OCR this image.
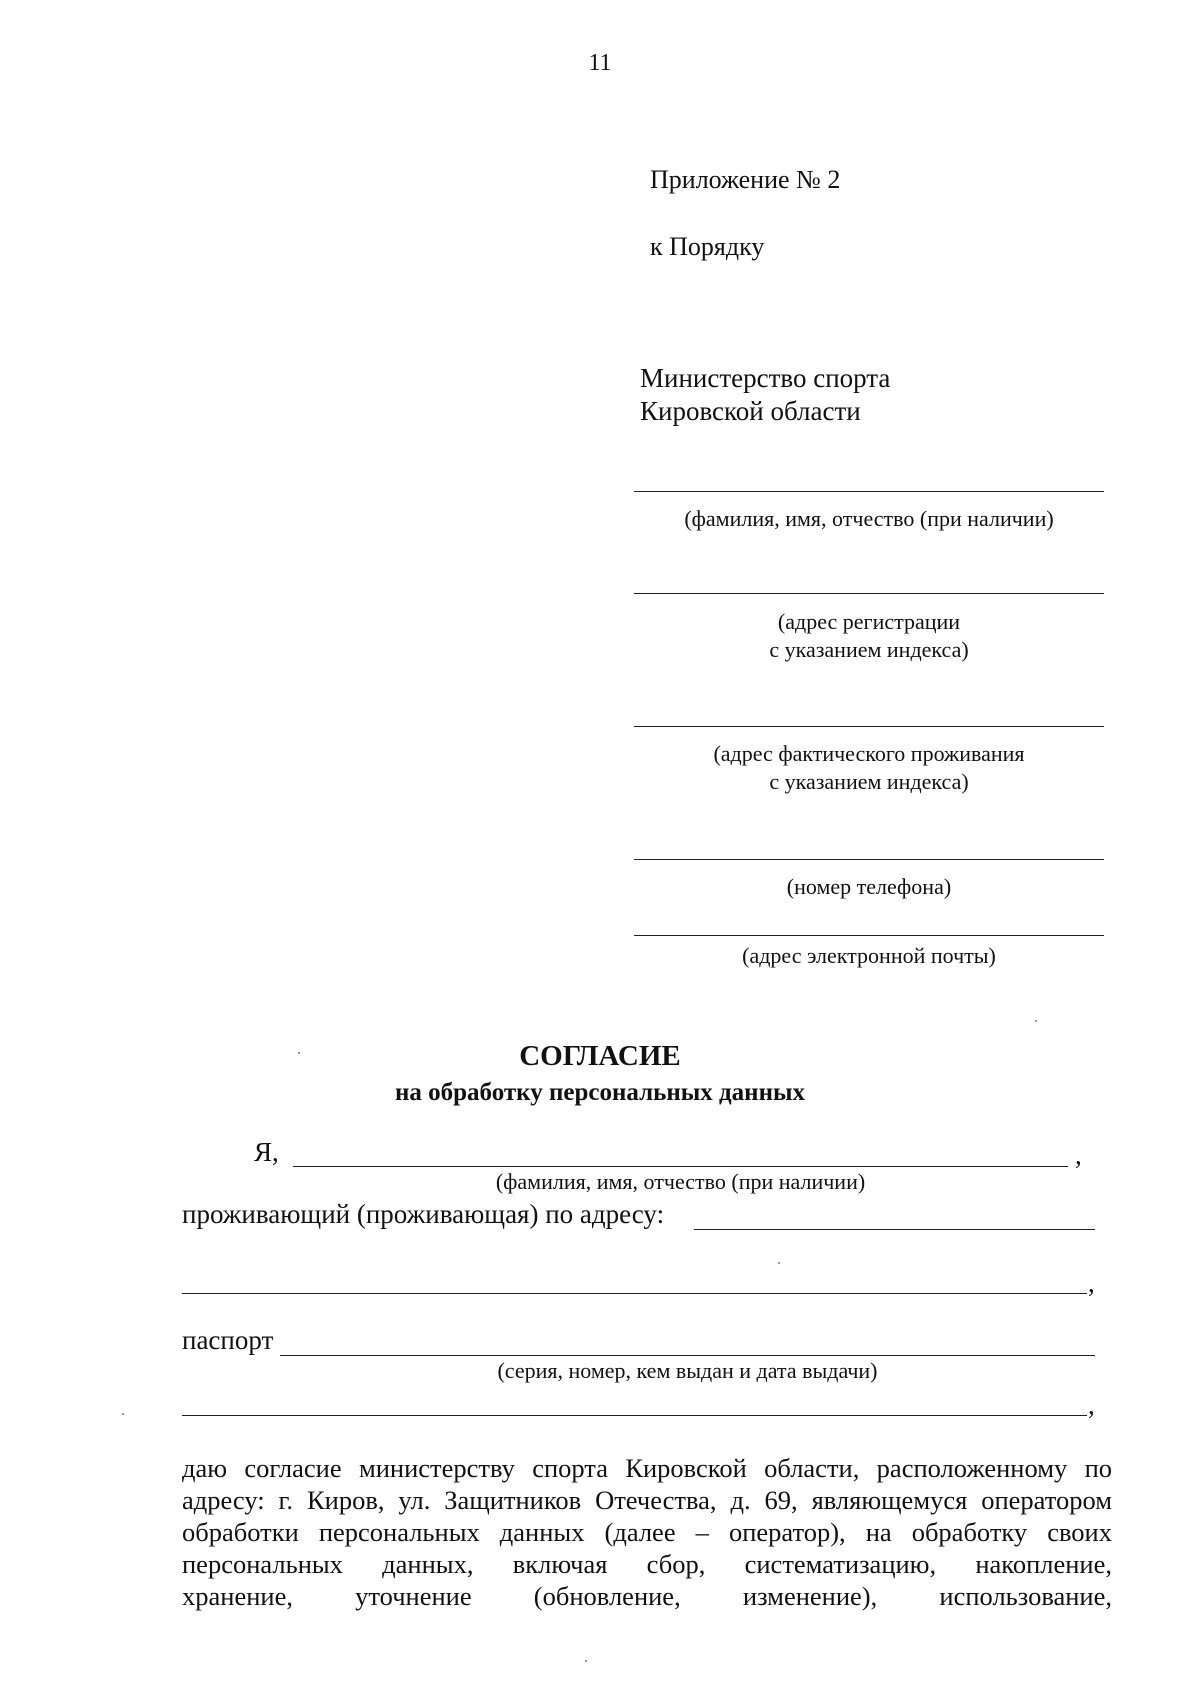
11
Приложение № 2
к Порядку
Министерство спорта
Кировской области
(фамилия, имя, отчество (при наличии)
(адрес регистрации
с указанием индекса)
(адрес фактического проживания
с указанием индекса)
(номер телефона)
(адрес электронной почты)
СОГЛАСИЕ
на обработку персональных данных
Я,	,
(фамилия, имя, отчество (при наличии)
проживающий (проживающая) по адресу:
,
паспорт
(серия, номер, кем выдан и дата выдачи)
,
даю согласие министерству спорта Кировской области, расположенному по
адресу: г. Киров, ул. Защитников Отечества, д. 69, являющемуся оператором
обработки персональных данных (далее – оператор), на обработку своих
персональных данных, включая сбор, систематизацию, накопление,
хранение, уточнение (обновление, изменение), использование,
